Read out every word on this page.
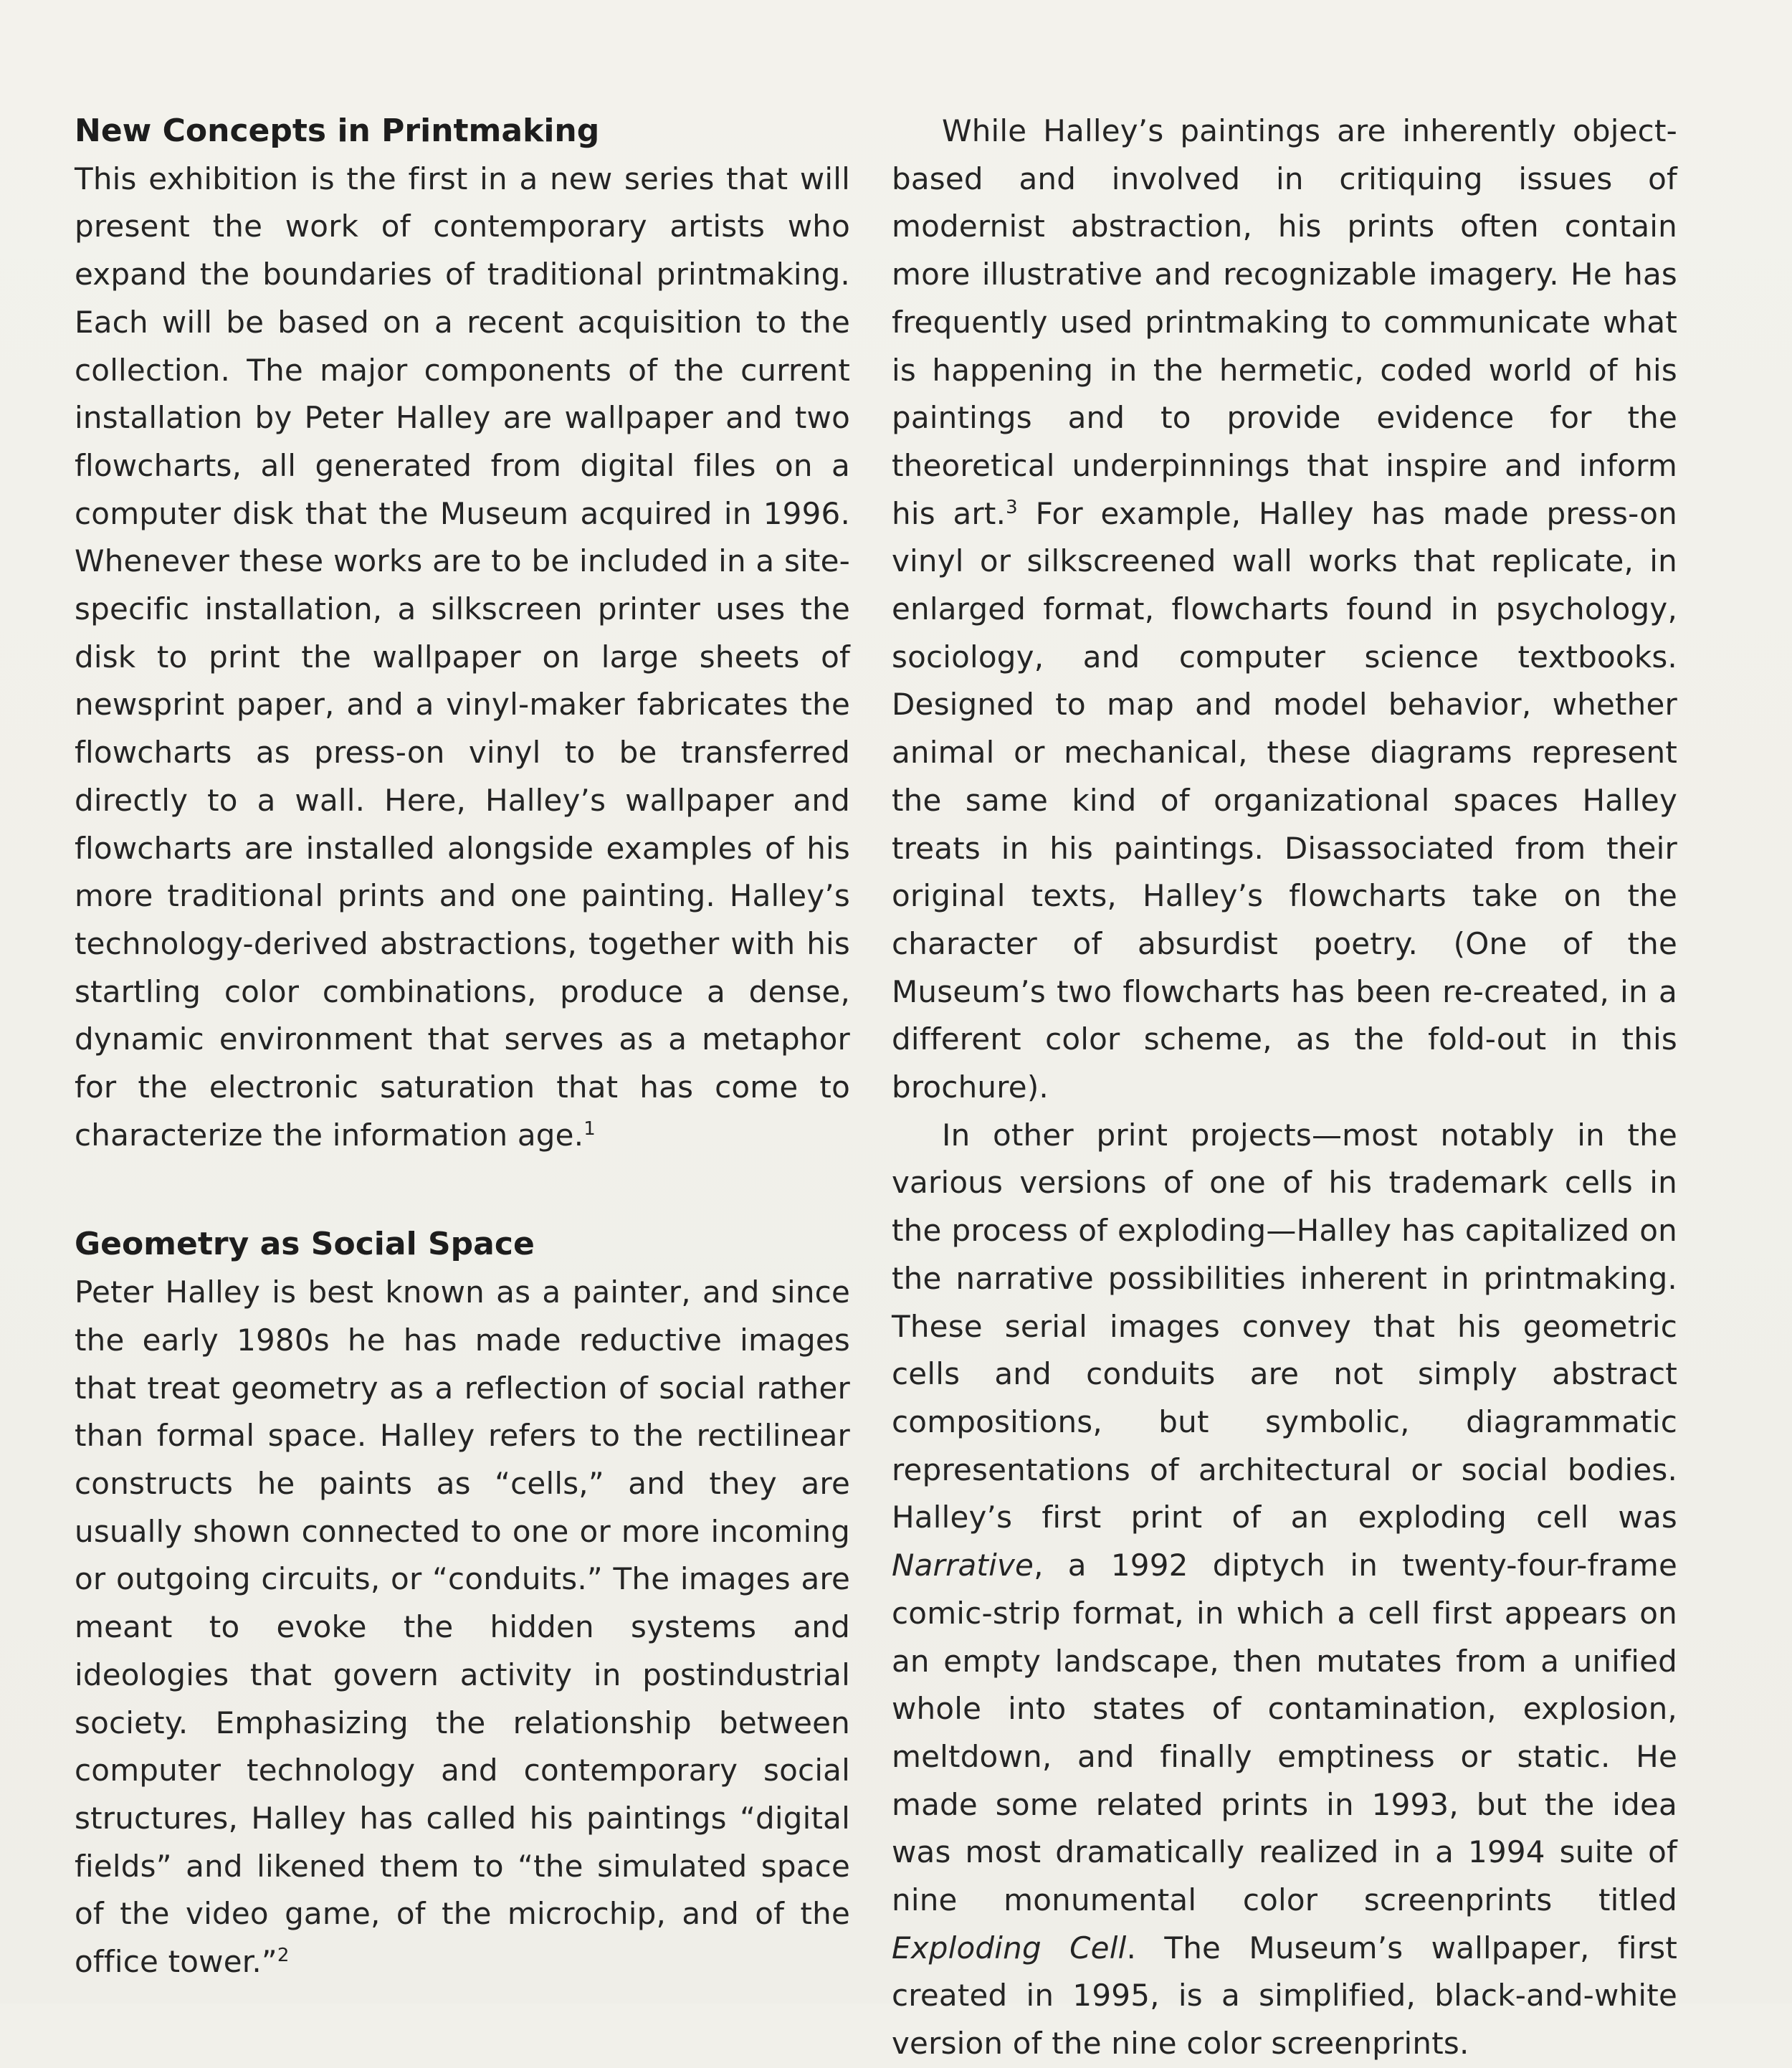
New Concepts in Printmaking

This exhibition is the first in a new series that will present the work of contemporary artists who expand the boundaries of traditional printmaking. Each will be based on a recent acquisition to the collection. The major components of the current installation by Peter Halley are wallpaper and two flowcharts, all generated from digital files on a computer disk that the Museum acquired in 1996. Whenever these works are to be included in a site-specific installation, a silkscreen printer uses the disk to print the wallpaper on large sheets of newsprint paper, and a vinyl-maker fabricates the flowcharts as press-on vinyl to be transferred directly to a wall. Here, Halley’s wallpaper and flowcharts are installed alongside examples of his more traditional prints and one painting. Halley’s technology-derived abstractions, together with his startling color combinations, produce a dense, dynamic environment that serves as a metaphor for the electronic saturation that has come to characterize the information age.$^1$

Geometry as Social Space

Peter Halley is best known as a painter, and since the early 1980s he has made reductive images that treat geometry as a reflection of social rather than formal space. Halley refers to the rectilinear constructs he paints as “cells,” and they are usually shown connected to one or more incoming or outgoing circuits, or “conduits.” The images are meant to evoke the hidden systems and ideologies that govern activity in postindustrial society. Emphasizing the relationship between computer technology and contemporary social structures, Halley has called his paintings “digital fields” and likened them to “the simulated space of the video game, of the microchip, and of the office tower.”$^2$

While Halley’s paintings are inherently object-based and involved in critiquing issues of modernist abstraction, his prints often contain more illustrative and recognizable imagery. He has frequently used printmaking to communicate what is happening in the hermetic, coded world of his paintings and to provide evidence for the theoretical underpinnings that inspire and inform his art.$^3$ For example, Halley has made press-on vinyl or silkscreened wall works that replicate, in enlarged format, flowcharts found in psychology, sociology, and computer science textbooks. Designed to map and model behavior, whether animal or mechanical, these diagrams represent the same kind of organizational spaces Halley treats in his paintings. Disassociated from their original texts, Halley’s flowcharts take on the character of absurdist poetry. (One of the Museum’s two flowcharts has been re-created, in a different color scheme, as the fold-out in this brochure).

In other print projects—most notably in the various versions of one of his trademark cells in the process of exploding—Halley has capitalized on the narrative possibilities inherent in printmaking. These serial images convey that his geometric cells and conduits are not simply abstract compositions, but symbolic, diagrammatic representations of architectural or social bodies. Halley’s first print of an exploding cell was Narrative, a 1992 diptych in twenty-four-frame comic-strip format, in which a cell first appears on an empty landscape, then mutates from a unified whole into states of contamination, explosion, meltdown, and finally emptiness or static. He made some related prints in 1993, but the idea was most dramatically realized in a 1994 suite of nine monumental color screenprints titled Exploding Cell. The Museum’s wallpaper, first created in 1995, is a simplified, black-and-white version of the nine color screenprints.
